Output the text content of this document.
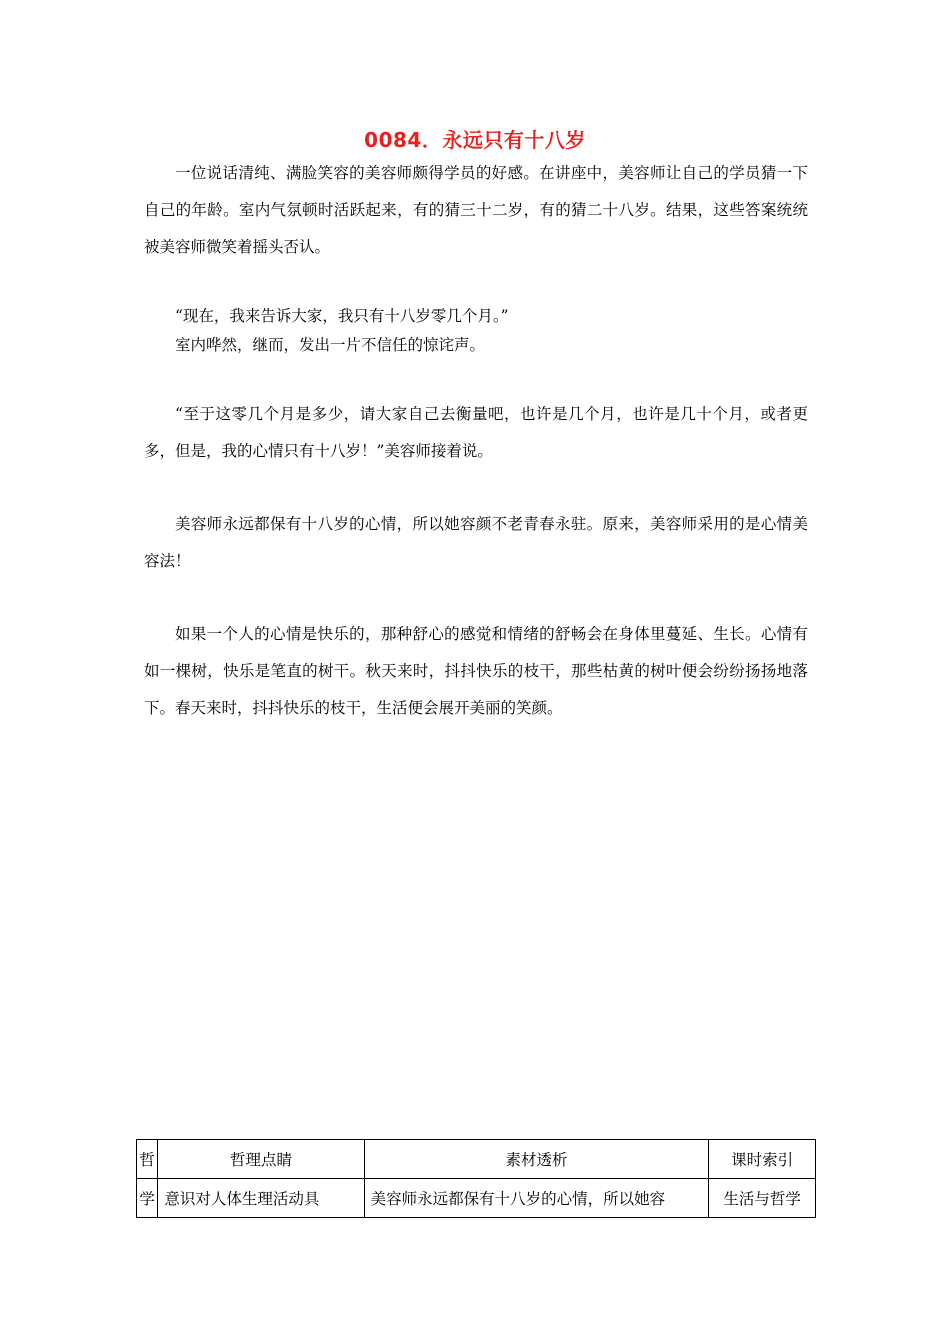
0084．永远只有十八岁

一位说话清纯、满脸笑容的美容师颇得学员的好感。在讲座中，美容师让自己的学员猜一下自己的年龄。室内气氛顿时活跃起来，有的猜三十二岁，有的猜二十八岁。结果，这些答案统统被美容师微笑着摇头否认。

“现在，我来告诉大家，我只有十八岁零几个月。”

室内哗然，继而，发出一片不信任的惊诧声。

“至于这零几个月是多少，请大家自己去衡量吧，也许是几个月，也许是几十个月，或者更多，但是，我的心情只有十八岁！”美容师接着说。

美容师永远都保有十八岁的心情，所以她容颜不老青春永驻。原来，美容师采用的是心情美容法！

如果一个人的心情是快乐的，那种舒心的感觉和情绪的舒畅会在身体里蔓延、生长。心情有如一棵树，快乐是笔直的树干。秋天来时，抖抖快乐的枝干，那些枯黄的树叶便会纷纷扬扬地落下。春天来时，抖抖快乐的枝干，生活便会展开美丽的笑颜。

哲	哲理点睛	素材透析	课时索引
学	意识对人体生理活动具	美容师永远都保有十八岁的心情，所以她容	生活与哲学
